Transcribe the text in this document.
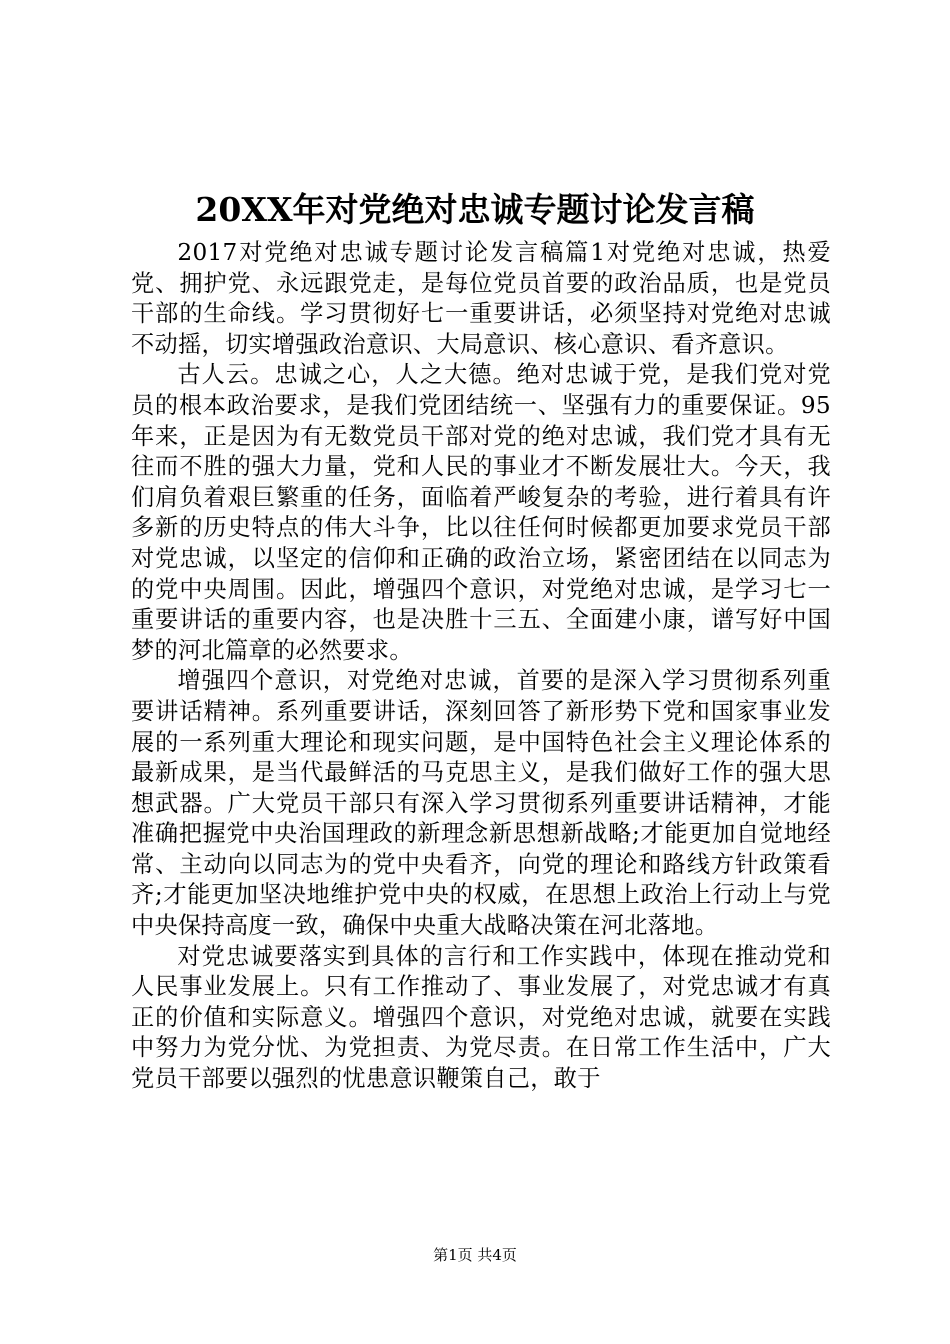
20XX年对党绝对忠诚专题讨论发言稿

2017对党绝对忠诚专题讨论发言稿篇1对党绝对忠诚，热爱党、拥护党、永远跟党走，是每位党员首要的政治品质，也是党员干部的生命线。学习贯彻好七一重要讲话，必须坚持对党绝对忠诚不动摇，切实增强政治意识、大局意识、核心意识、看齐意识。

古人云。忠诚之心，人之大德。绝对忠诚于党，是我们党对党员的根本政治要求，是我们党团结统一、坚强有力的重要保证。95年来，正是因为有无数党员干部对党的绝对忠诚，我们党才具有无往而不胜的强大力量，党和人民的事业才不断发展壮大。今天，我们肩负着艰巨繁重的任务，面临着严峻复杂的考验，进行着具有许多新的历史特点的伟大斗争，比以往任何时候都更加要求党员干部对党忠诚，以坚定的信仰和正确的政治立场，紧密团结在以同志为的党中央周围。因此，增强四个意识，对党绝对忠诚，是学习七一重要讲话的重要内容，也是决胜十三五、全面建小康，谱写好中国梦的河北篇章的必然要求。

增强四个意识，对党绝对忠诚，首要的是深入学习贯彻系列重要讲话精神。系列重要讲话，深刻回答了新形势下党和国家事业发展的一系列重大理论和现实问题，是中国特色社会主义理论体系的最新成果，是当代最鲜活的马克思主义，是我们做好工作的强大思想武器。广大党员干部只有深入学习贯彻系列重要讲话精神，才能准确把握党中央治国理政的新理念新思想新战略;才能更加自觉地经常、主动向以同志为的党中央看齐，向党的理论和路线方针政策看齐;才能更加坚决地维护党中央的权威，在思想上政治上行动上与党中央保持高度一致，确保中央重大战略决策在河北落地。

对党忠诚要落实到具体的言行和工作实践中，体现在推动党和人民事业发展上。只有工作推动了、事业发展了，对党忠诚才有真正的价值和实际意义。增强四个意识，对党绝对忠诚，就要在实践中努力为党分忧、为党担责、为党尽责。在日常工作生活中，广大党员干部要以强烈的忧患意识鞭策自己，敢于

第1页 共4页
